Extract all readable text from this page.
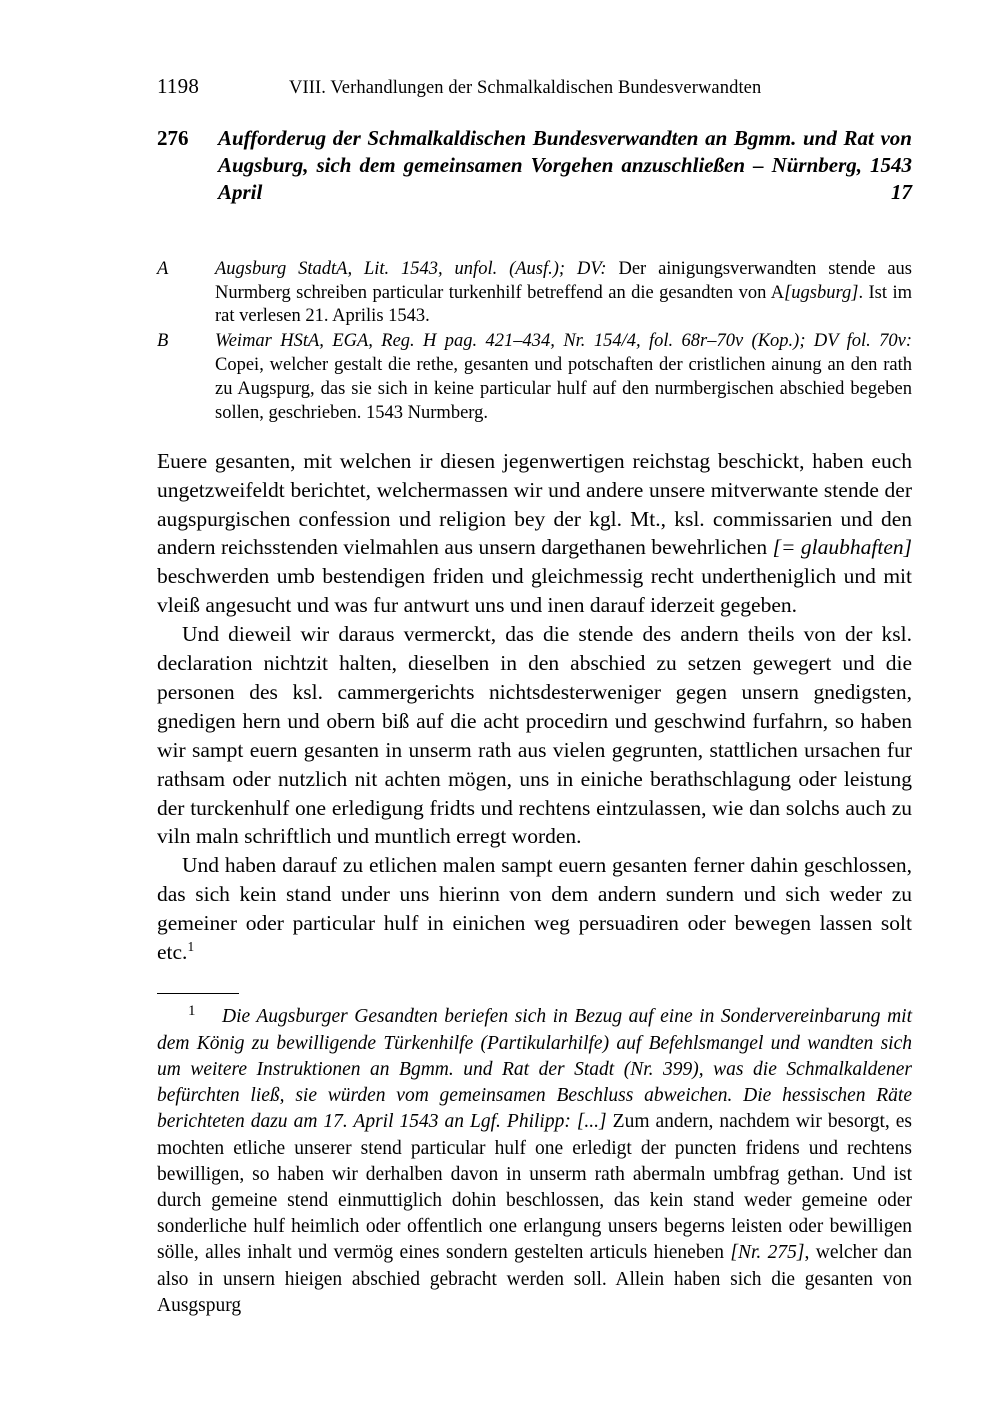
1198	VIII. Verhandlungen der Schmalkaldischen Bundesverwandten
276	Aufforderug der Schmalkaldischen Bundesverwandten an Bgmm. und Rat von Augsburg, sich dem gemeinsamen Vorgehen anzuschließen – Nürnberg, 1543 April 17
A	Augsburg StadtA, Lit. 1543, unfol. (Ausf.); DV: Der ainigungsverwandten stende aus Nurmberg schreiben particular turkenhilf betreffend an die gesandten von A[ugsburg]. Ist im rat verlesen 21. Aprilis 1543.
B	Weimar HStA, EGA, Reg. H pag. 421–434, Nr. 154/4, fol. 68r–70v (Kop.); DV fol. 70v: Copei, welcher gestalt die rethe, gesanten und potschaften der cristlichen ainung an den rath zu Augspurg, das sie sich in keine particular hulf auf den nurmbergischen abschied begeben sollen, geschrieben. 1543 Nurmberg.

Euere gesanten, mit welchen ir diesen jegenwertigen reichstag beschickt, haben euch ungetzweifeldt berichtet, welchermassen wir und andere unsere mitverwante stende der augspurgischen confession und religion bey der kgl. Mt., ksl. commissarien und den andern reichsstenden vielmahlen aus unsern dargethanen bewehrlichen [= glaubhaften] beschwerden umb bestendigen friden und gleichmessig recht undertheniglich und mit vleiß angesucht und was fur antwurt uns und inen darauf iderzeit gegeben.

Und dieweil wir daraus vermerckt, das die stende des andern theils von der ksl. declaration nichtzit halten, dieselben in den abschied zu setzen gewegert und die personen des ksl. cammergerichts nichtsdesterweniger gegen unsern gnedigsten, gnedigen hern und obern biß auf die acht procedirn und geschwind furfahrn, so haben wir sampt euern gesanten in unserm rath aus vielen gegrunten, stattlichen ursachen fur rathsam oder nutzlich nit achten mögen, uns in einiche berathschlagung oder leistung der turckenhulf one erledigung fridts und rechtens eintzulassen, wie dan solchs auch zu viln maln schriftlich und muntlich erregt worden.

Und haben darauf zu etlichen malen sampt euern gesanten ferner dahin geschlossen, das sich kein stand under uns hierinn von dem andern sundern und sich weder zu gemeiner oder particular hulf in einichen weg persuadiren oder bewegen lassen solt etc.$^1$

1 Die Augsburger Gesandten beriefen sich in Bezug auf eine in Sondervereinbarung mit dem König zu bewilligende Türkenhilfe (Partikularhilfe) auf Befehlsmangel und wandten sich um weitere Instruktionen an Bgmm. und Rat der Stadt (Nr. 399), was die Schmalkaldener befürchten ließ, sie würden vom gemeinsamen Beschluss abweichen. Die hessischen Räte berichteten dazu am 17. April 1543 an Lgf. Philipp: [...] Zum andern, nachdem wir besorgt, es mochten etliche unserer stend particular hulf one erledigt der puncten fridens und rechtens bewilligen, so haben wir derhalben davon in unserm rath abermaln umbfrag gethan. Und ist durch gemeine stend einmuttiglich dohin beschlossen, das kein stand weder gemeine oder sonderliche hulf heimlich oder offentlich one erlangung unsers begerns leisten oder bewilligen sölle, alles inhalt und vermög eines sondern gestelten articuls hieneben [Nr. 275], welcher dan also in unsern hieigen abschied gebracht werden soll. Allein haben sich die gesanten von Ausgspurg
